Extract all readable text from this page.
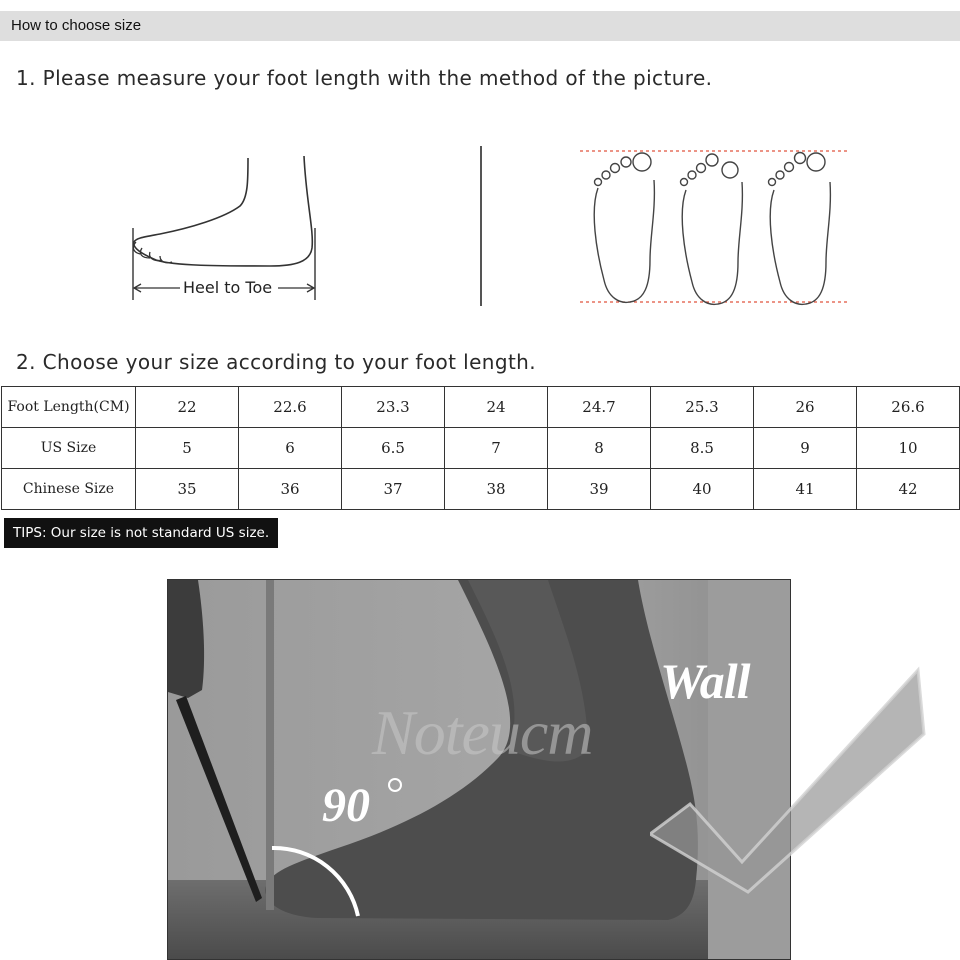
How to choose size
1. Please measure your foot length with the method of the picture.
Heel to Toe
2. Choose your size according to your foot length.
Foot Length(CM)	22	22.6	23.3	24	24.7	25.3	26	26.6
US Size	5	6	6.5	7	8	8.5	9	10
Chinese Size	35	36	37	38	39	40	41	42
TIPS: Our size is not standard US size.

Noteucm
Wall
90
